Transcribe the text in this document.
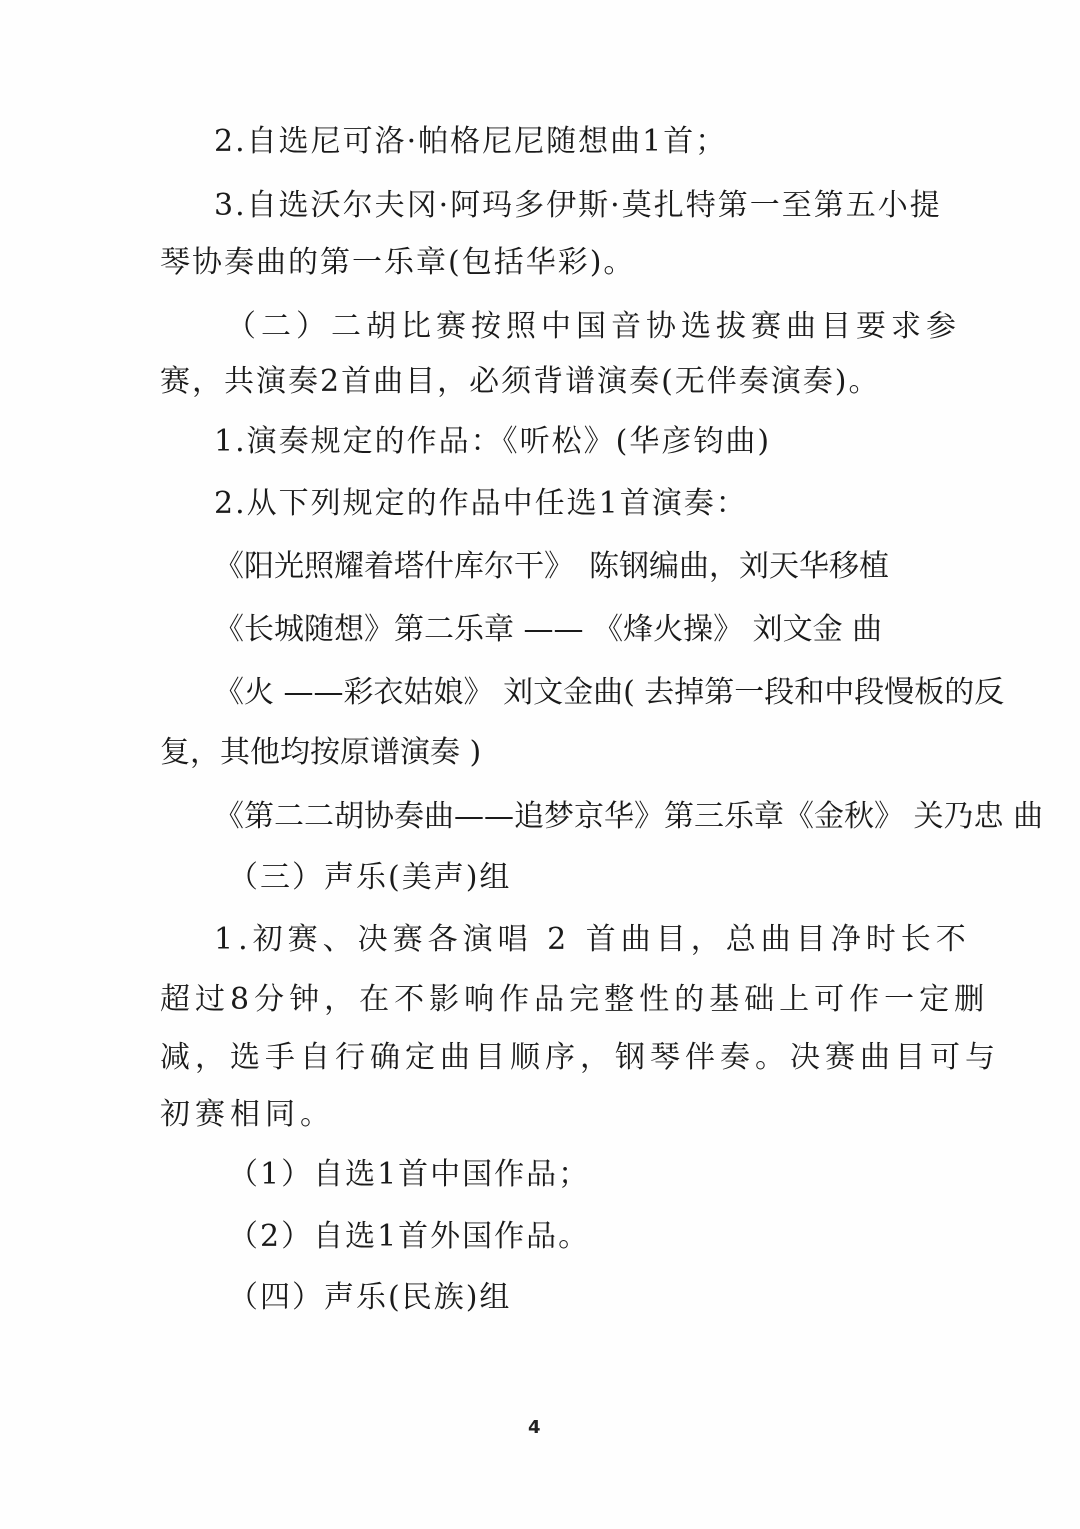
2.自选尼可洛·帕格尼尼随想曲1首；
3.自选沃尔夫冈·阿玛多伊斯·莫扎特第一至第五小提
琴协奏曲的第一乐章(包括华彩)。
（二）二胡比赛按照中国音协选拔赛曲目要求参
赛，共演奏2首曲目，必须背谱演奏(无伴奏演奏)。
1.演奏规定的作品：《听松》(华彦钧曲)
2.从下列规定的作品中任选1首演奏：
《阳光照耀着塔什库尔干》　陈钢编曲，刘天华移植
《长城随想》第二乐章 —— 《烽火操》 刘文金 曲
《火 ——彩衣姑娘》 刘文金曲( 去掉第一段和中段慢板的反
复，其他均按原谱演奏 )
《第二二胡协奏曲——追梦京华》第三乐章《金秋》 关乃忠 曲
（三）声乐(美声)组
1.初赛、决赛各演唱 2 首曲目，总曲目净时长不
超过8分钟，在不影响作品完整性的基础上可作一定删
减，选手自行确定曲目顺序，钢琴伴奏。决赛曲目可与
初赛相同。
（1）自选1首中国作品；
（2）自选1首外国作品。
（四）声乐(民族)组
4
